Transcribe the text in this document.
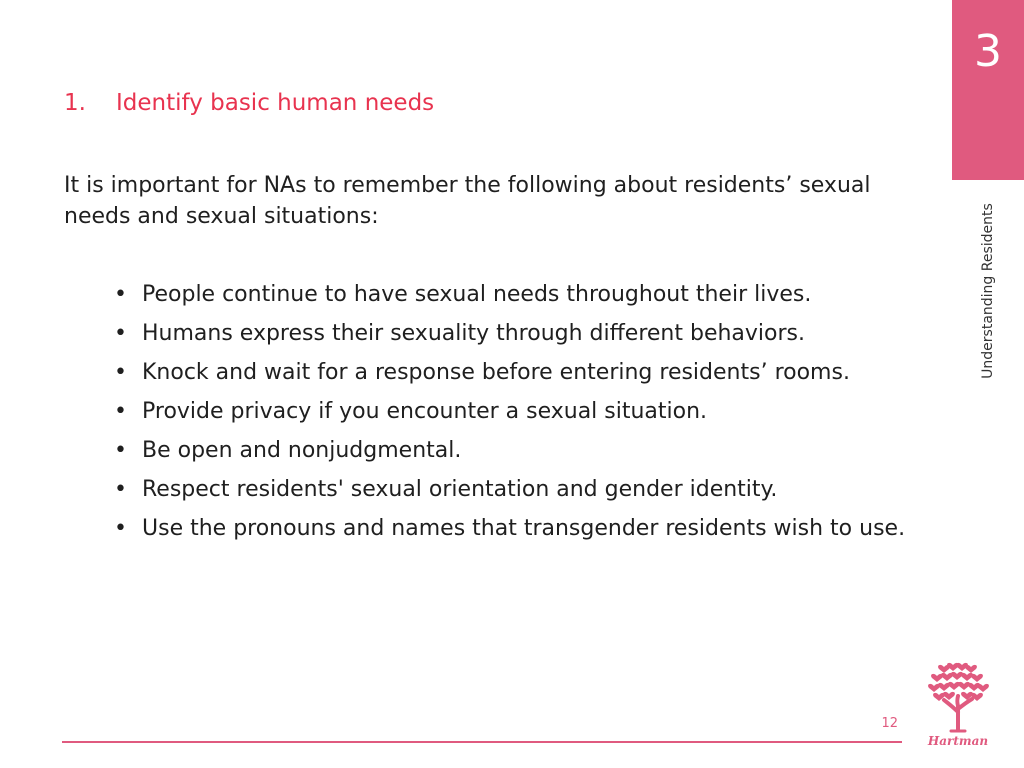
3
Understanding Residents
1.	Identify basic human needs

It is important for NAs to remember the following about residents’ sexual needs and sexual situations:

• People continue to have sexual needs throughout their lives.
• Humans express their sexuality through different behaviors.
• Knock and wait for a response before entering residents’ rooms.
• Provide privacy if you encounter a sexual situation.
• Be open and nonjudgmental.
• Respect residents' sexual orientation and gender identity.
• Use the pronouns and names that transgender residents wish to use.
12
Hartman
